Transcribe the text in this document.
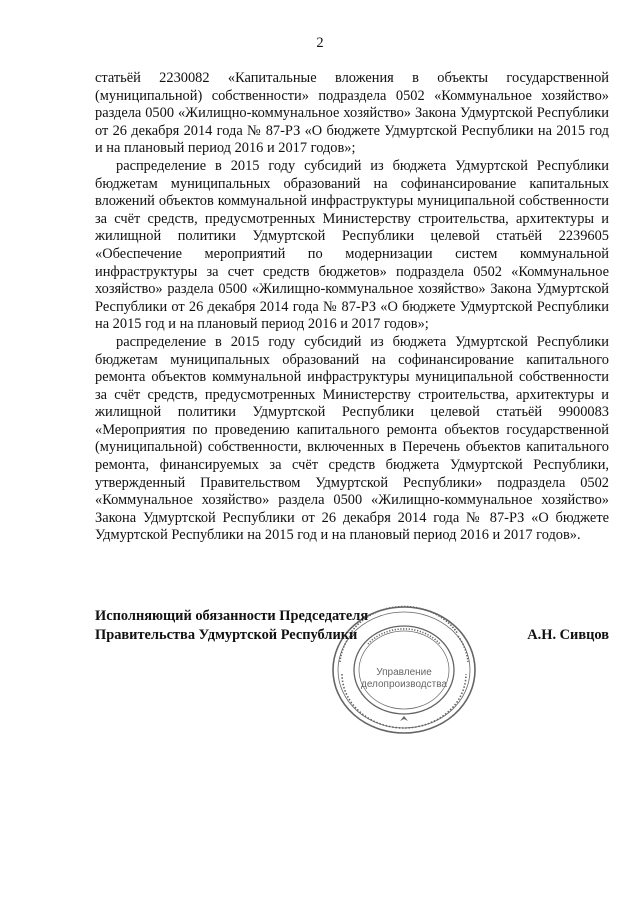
2

статьёй 2230082 «Капитальные вложения в объекты государственной (муниципальной) собственности» подраздела 0502 «Коммунальное хозяйство» раздела 0500 «Жилищно-коммунальное хозяйство» Закона Удмуртской Республики от 26 декабря 2014 года № 87-РЗ «О бюджете Удмуртской Республики на 2015 год и на плановый период 2016 и 2017 годов»;

распределение в 2015 году субсидий из бюджета Удмуртской Республики бюджетам муниципальных образований на софинансирование капитальных вложений объектов коммунальной инфраструктуры муниципальной собственности за счёт средств, предусмотренных Министерству строительства, архитектуры и жилищной политики Удмуртской Республики целевой статьёй 2239605 «Обеспечение мероприятий по модернизации систем коммунальной инфраструктуры за счет средств бюджетов» подраздела 0502 «Коммунальное хозяйство» раздела 0500 «Жилищно-коммунальное хозяйство» Закона Удмуртской Республики от 26 декабря 2014 года № 87-РЗ «О бюджете Удмуртской Республики на 2015 год и на плановый период 2016 и 2017 годов»;

распределение в 2015 году субсидий из бюджета Удмуртской Республики бюджетам муниципальных образований на софинансирование капитального ремонта объектов коммунальной инфраструктуры муниципальной собственности за счёт средств, предусмотренных Министерству строительства, архитектуры и жилищной политики Удмуртской Республики целевой статьёй 9900083 «Мероприятия по проведению капитального ремонта объектов государственной (муниципальной) собственности, включенных в Перечень объектов капитального ремонта, финансируемых за счёт средств бюджета Удмуртской Республики, утвержденный Правительством Удмуртской Республики» подраздела 0502 «Коммунальное хозяйство» раздела 0500 «Жилищно-коммунальное хозяйство» Закона Удмуртской Республики от 26 декабря 2014 года № 87-РЗ «О бюджете Удмуртской Республики на 2015 год и на плановый период 2016 и 2017 годов».

Исполняющий обязанности Председателя
Правительства Удмуртской Республики	А.Н. Сивцов
Управление
делопроизводства
